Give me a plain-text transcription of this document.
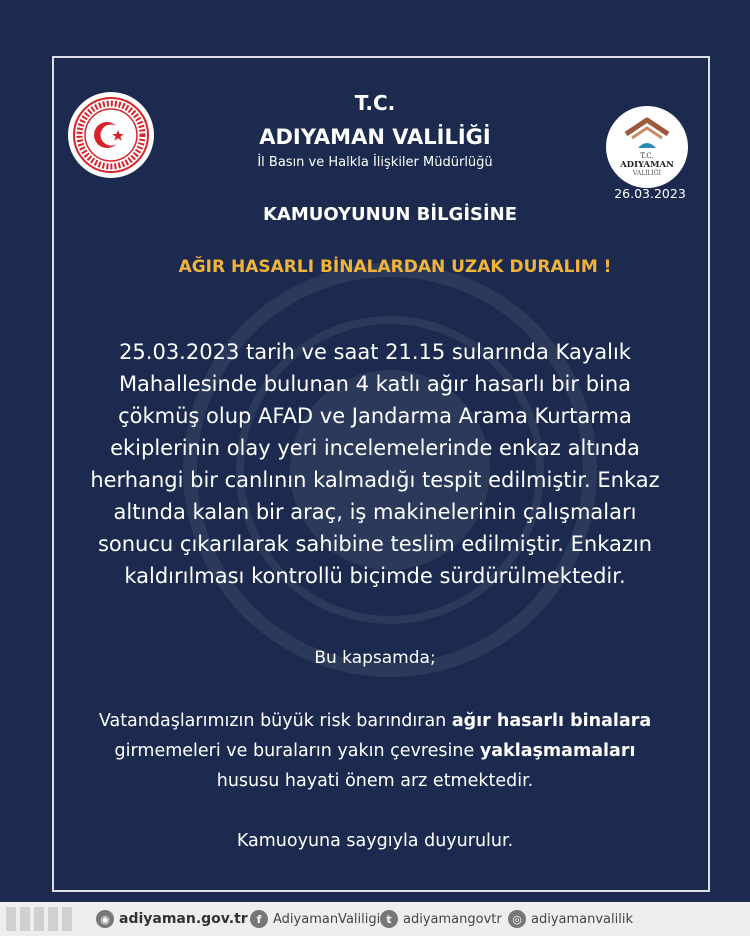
T.C.
ADIYAMAN VALİLİĞİ
İl Basın ve Halkla İlişkiler Müdürlüğü	T.C.
ADIYAMAN
VALİLİĞİ
26.03.2023
KAMUOYUNUN BİLGİSİNE
AĞIR HASARLI BİNALARDAN UZAK DURALIM !
25.03.2023 tarih ve saat 21.15 sularında Kayalık
Mahallesinde bulunan 4 katlı ağır hasarlı bir bina
çökmüş olup AFAD ve Jandarma Arama Kurtarma
ekiplerinin olay yeri incelemelerinde enkaz altında
herhangi bir canlının kalmadığı tespit edilmiştir. Enkaz
altında kalan bir araç, iş makinelerinin çalışmaları
sonucu çıkarılarak sahibine teslim edilmiştir. Enkazın
kaldırılması kontrollü biçimde sürdürülmektedir.
Bu kapsamda;
Vatandaşlarımızın büyük risk barındıran ağır hasarlı binalara
girmemeleri ve buraların yakın çevresine yaklaşmamaları
hususu hayati önem arz etmektedir.
Kamuoyuna saygıyla duyurulur.
◉ adiyaman.gov.tr f AdiyamanValiligi t adiyamangovtr ◎ adiyamanvalilik
